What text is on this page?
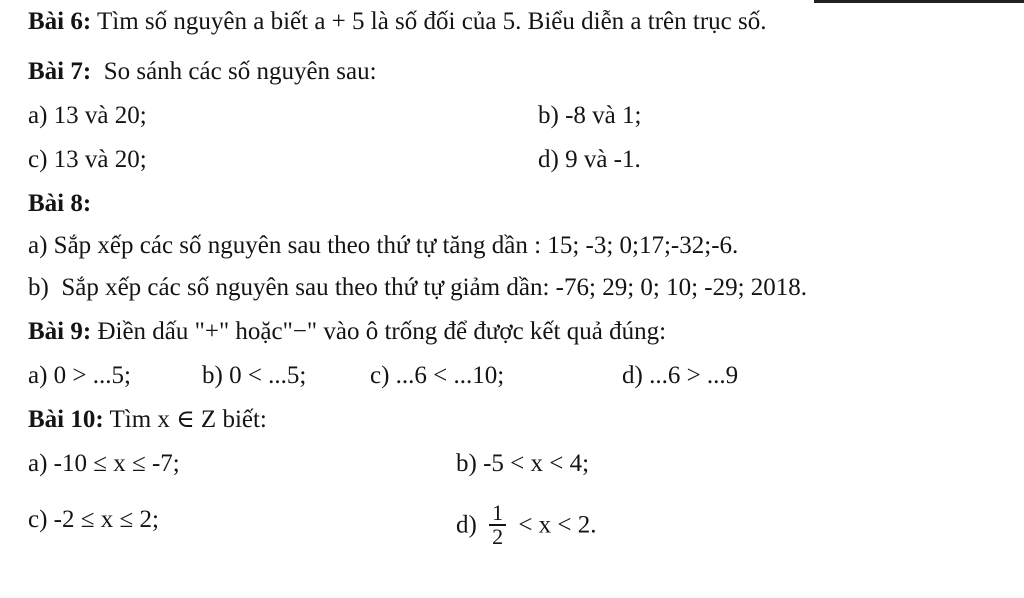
Bài 6: Tìm số nguyên a biết a + 5 là số đối của 5. Biểu diễn a trên trục số.
Bài 7:  So sánh các số nguyên sau:
a) 13 và 20;	b) -8 và 1;
c) 13 và 20;	d) 9 và -1.
Bài 8:
a) Sắp xếp các số nguyên sau theo thứ tự tăng dần : 15; -3; 0;17;-32;-6.
b)  Sắp xếp các số nguyên sau theo thứ tự giảm dần: -76; 29; 0; 10; -29; 2018.
Bài 9: Điền dấu "+" hoặc"−" vào ô trống để được kết quả đúng:
a) 0 > ...5;	b) 0 < ...5;	c) ...6 < ...10;	d) ...6 > ...9
Bài 10: Tìm x ∈ Z biết:
a) -10 ≤ x ≤ -7;	b) -5 < x < 4;
c) -2 ≤ x ≤ 2;	$d) \frac{1}{2} < x < 2$.
